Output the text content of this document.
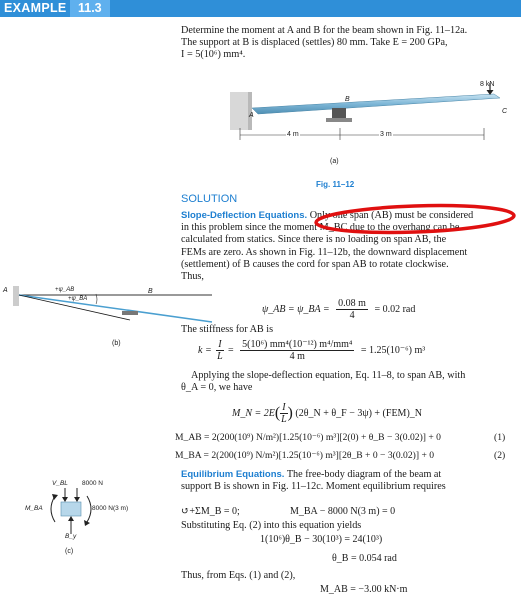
EXAMPLE 11.3
Determine the moment at A and B for the beam shown in Fig. 11–12a.
The support at B is displaced (settles) 80 mm. Take E = 200 GPa,
I = 5(10⁶) mm⁴.
8 kN
B
A
C
4 m	3 m
(a)
Fig. 11–12
SOLUTION
Slope-Deflection Equations. Only one span (AB) must be considered
in this problem since the moment M_BC due to the overhang can be
calculated from statics. Since there is no loading on span AB, the
FEMs are zero. As shown in Fig. 11–12b, the downward displacement
(settlement) of B causes the cord for span AB to rotate clockwise.
Thus,
A	+ψ_AB	B
+ψ_BA
(b)
ψ_AB = ψ_BA = $\frac{0.08 m}{4} = 0.02$ rad
The stiffness for AB is
$k = \frac{I}{L} = \frac{\text{5(10⁶) mm⁴(10⁻¹²) m⁴/mm⁴}}{4 m} = 1.25(10^{-6})$ m³
Applying the slope-deflection equation, Eq. 11–8, to span AB, with
θ_A = 0, we have
M_N = $2E( \frac{I}{L}$ ) (2θ_N + θ_F − 3ψ) + (FEM)_N
M_AB = 2(200(10⁹) N/m²)[1.25(10⁻⁶) m³][2(0) + θ_B − 3(0.02)] + 0	(1)
M_BA = 2(200(10⁹) N/m²)[1.25(10⁻⁶) m³][2θ_B + 0 − 3(0.02)] + 0	(2)
Equilibrium Equations. The free-body diagram of the beam at
support B is shown in Fig. 11–12c. Moment equilibrium requires
V_BL 8000 N
M_BA	8000 N(3 m)
B_y
(c)
↺+ΣM_B = 0;	M_BA − 8000 N(3 m) = 0
Substituting Eq. (2) into this equation yields
1(10⁶)θ_B − 30(10³) = 24(10³)
θ_B = 0.054 rad
Thus, from Eqs. (1) and (2),
M_AB = −3.00 kN·m
